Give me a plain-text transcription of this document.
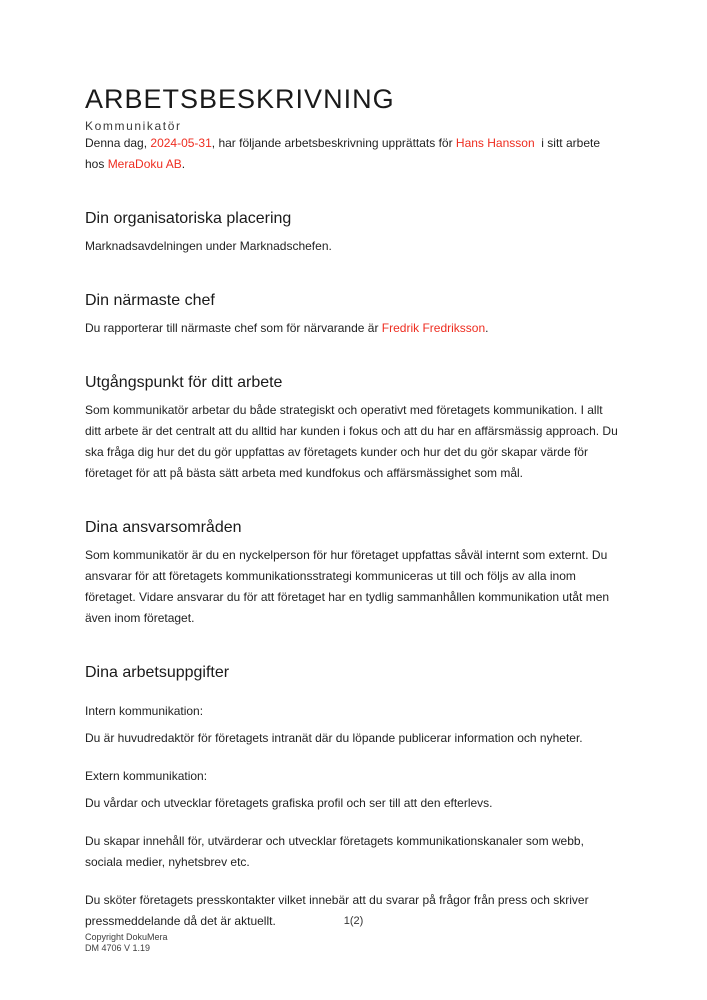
ARBETSBESKRIVNING
Kommunikatör

Denna dag, 2024-05-31, har följande arbetsbeskrivning upprättats för Hans Hansson  i sitt arbete hos MeraDoku AB.

Din organisatoriska placering

Marknadsavdelningen under Marknadschefen.

Din närmaste chef

Du rapporterar till närmaste chef som för närvarande är Fredrik Fredriksson.

Utgångspunkt för ditt arbete

Som kommunikatör arbetar du både strategiskt och operativt med företagets kommunikation. I allt ditt arbete är det centralt att du alltid har kunden i fokus och att du har en affärsmässig approach. Du ska fråga dig hur det du gör uppfattas av företagets kunder och hur det du gör skapar värde för företaget för att på bästa sätt arbeta med kundfokus och affärsmässighet som mål.

Dina ansvarsområden

Som kommunikatör är du en nyckelperson för hur företaget uppfattas såväl internt som externt. Du ansvarar för att företagets kommunikationsstrategi kommuniceras ut till och följs av alla inom företaget. Vidare ansvarar du för att företaget har en tydlig sammanhållen kommunikation utåt men även inom företaget.

Dina arbetsuppgifter
Intern kommunikation:

Du är huvudredaktör för företagets intranät där du löpande publicerar information och nyheter.

Extern kommunikation:

Du vårdar och utvecklar företagets grafiska profil och ser till att den efterlevs.

Du skapar innehåll för, utvärderar och utvecklar företagets kommunikationskanaler som webb, sociala medier, nyhetsbrev etc.

Du sköter företagets presskontakter vilket innebär att du svarar på frågor från press och skriver pressmeddelande då det är aktuellt.	1(2)
Copyright DokuMera
DM 4706 V 1.19
